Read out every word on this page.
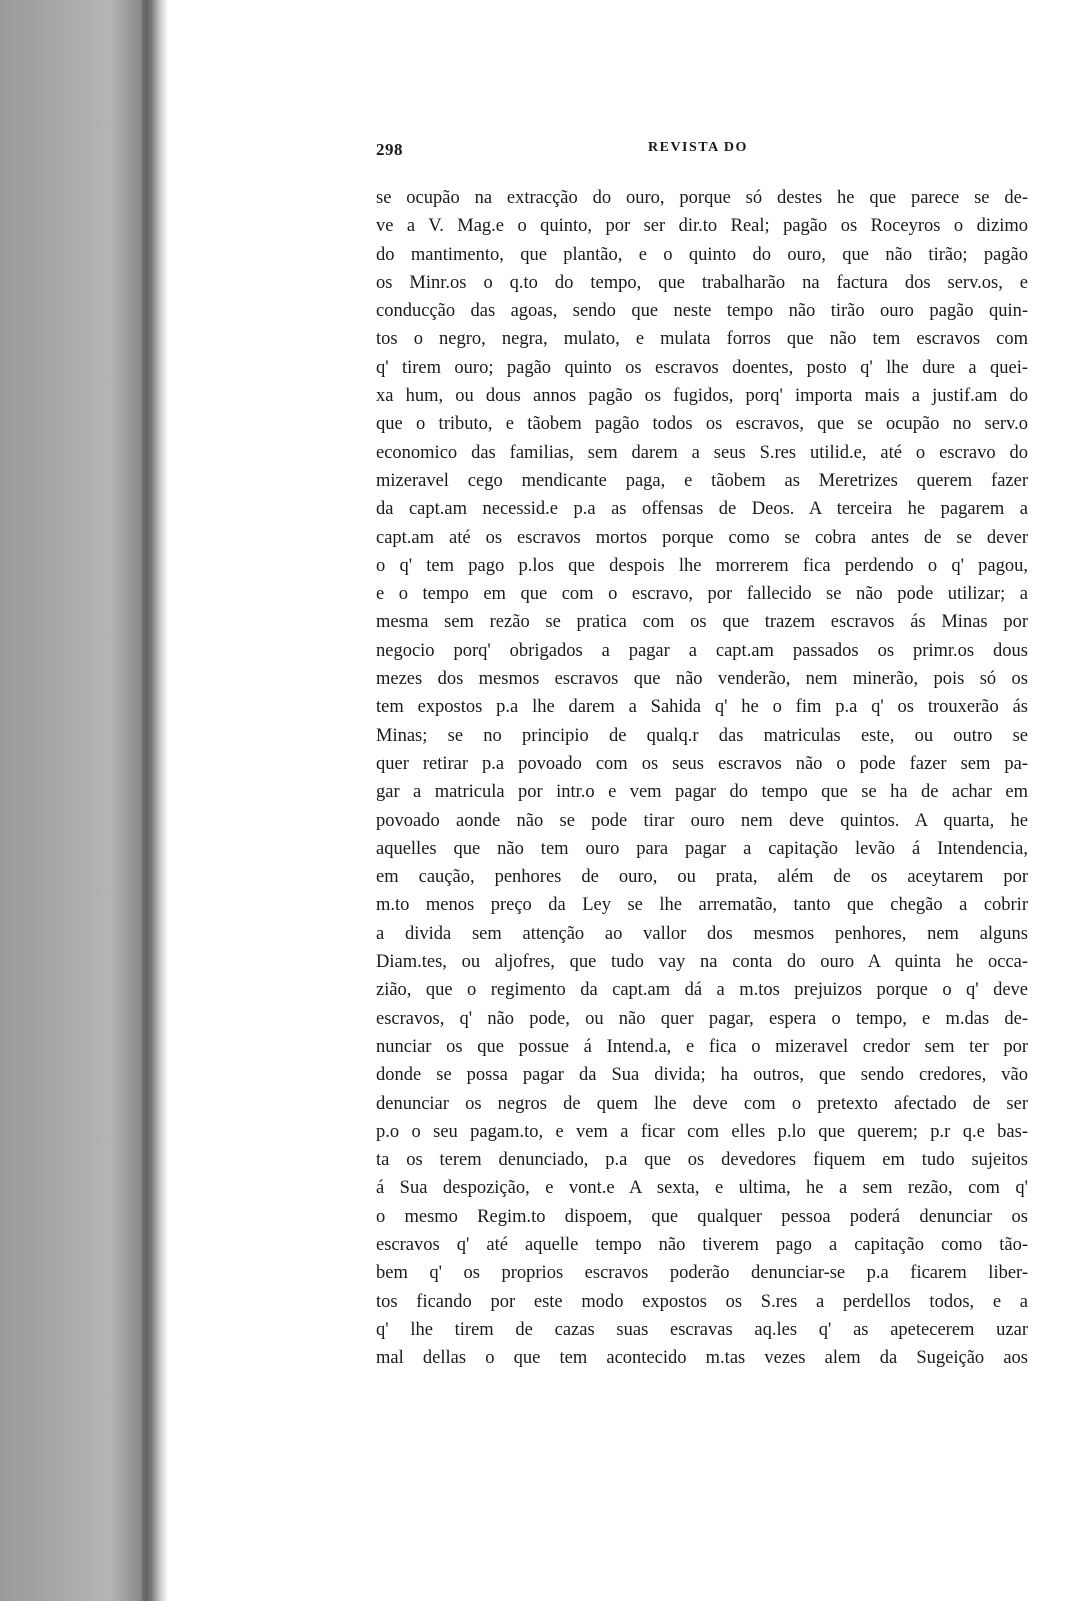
298	REVISTA DO
se ocupão na extracção do ouro, porque só destes he que parece se de-
ve a V. Mag.e o quinto, por ser dir.to Real; pagão os Roceyros o dizimo
do mantimento, que plantão, e o quinto do ouro, que não tirão; pagão
os Minr.os o q.to do tempo, que trabalharão na factura dos serv.os, e
conducção das agoas, sendo que neste tempo não tirão ouro pagão quin-
tos o negro, negra, mulato, e mulata forros que não tem escravos com
q' tirem ouro; pagão quinto os escravos doentes, posto q' lhe dure a quei-
xa hum, ou dous annos pagão os fugidos, porq' importa mais a justif.am do
que o tributo, e tãobem pagão todos os escravos, que se ocupão no serv.o
economico das familias, sem darem a seus S.res utilid.e, até o escravo do
mizeravel cego mendicante paga, e tãobem as Meretrizes querem fazer
da capt.am necessid.e p.a as offensas de Deos. A terceira he pagarem a
capt.am até os escravos mortos porque como se cobra antes de se dever
o q' tem pago p.los que despois lhe morrerem fica perdendo o q' pagou,
e o tempo em que com o escravo, por fallecido se não pode utilizar; a
mesma sem rezão se pratica com os que trazem escravos ás Minas por
negocio porq' obrigados a pagar a capt.am passados os primr.os dous
mezes dos mesmos escravos que não venderão, nem minerão, pois só os
tem expostos p.a lhe darem a Sahida q' he o fim p.a q' os trouxerão ás
Minas; se no principio de qualq.r das matriculas este, ou outro se
quer retirar p.a povoado com os seus escravos não o pode fazer sem pa-
gar a matricula por intr.o e vem pagar do tempo que se ha de achar em
povoado aonde não se pode tirar ouro nem deve quintos. A quarta, he
aquelles que não tem ouro para pagar a capitação levão á Intendencia,
em caução, penhores de ouro, ou prata, além de os aceytarem por
m.to menos preço da Ley se lhe arrematão, tanto que chegão a cobrir
a divida sem attenção ao vallor dos mesmos penhores, nem alguns
Diam.tes, ou aljofres, que tudo vay na conta do ouro A quinta he occa-
zião, que o regimento da capt.am dá a m.tos prejuizos porque o q' deve
escravos, q' não pode, ou não quer pagar, espera o tempo, e m.das de-
nunciar os que possue á Intend.a, e fica o mizeravel credor sem ter por
donde se possa pagar da Sua divida; ha outros, que sendo credores, vão
denunciar os negros de quem lhe deve com o pretexto afectado de ser
p.o o seu pagam.to, e vem a ficar com elles p.lo que querem; p.r q.e bas-
ta os terem denunciado, p.a que os devedores fiquem em tudo sujeitos
á Sua despozição, e vont.e A sexta, e ultima, he a sem rezão, com q'
o mesmo Regim.to dispoem, que qualquer pessoa poderá denunciar os
escravos q' até aquelle tempo não tiverem pago a capitação como tão-
bem q' os proprios escravos poderão denunciar-se p.a ficarem liber-
tos ficando por este modo expostos os S.res a perdellos todos, e a
q' lhe tirem de cazas suas escravas aq.les q' as apetecerem uzar
mal dellas o que tem acontecido m.tas vezes alem da Sugeição aos
